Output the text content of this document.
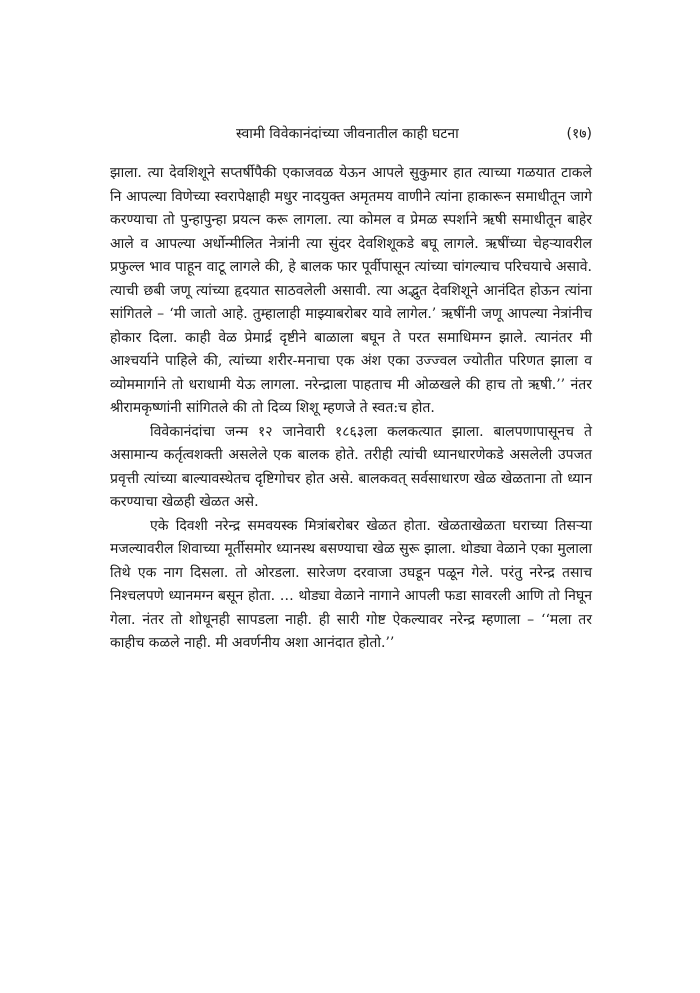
स्वामी विवेकानंदांच्या जीवनातील काही घटना	(१७)

झाला. त्या देवशिशूने सप्तर्षीपैकी एकाजवळ येऊन आपले सुकुमार हात त्याच्या गळयात टाकले नि आपल्या विणेच्या स्वरापेक्षाही मधुर नादयुक्त अमृतमय वाणीने त्यांना हाकारून समाधीतून जागे करण्याचा तो पुन्हापुन्हा प्रयत्न करू लागला. त्या कोमल व प्रेमळ स्पर्शाने ऋषी समाधीतून बाहेर आले व आपल्या अर्धोन्मीलित नेत्रांनी त्या सुंदर देवशिशूकडे बघू लागले. ऋषींच्या चेहऱ्यावरील प्रफुल्ल भाव पाहून वाटू लागले की, हे बालक फार पूर्वीपासून त्यांच्या चांगल्याच परिचयाचे असावे. त्याची छबी जणू त्यांच्या हृदयात साठवलेली असावी. त्या अद्भुत देवशिशूने आनंदित होऊन त्यांना सांगितले – ‘मी जातो आहे. तुम्हालाही माझ्याबरोबर यावे लागेल.’ ऋषींनी जणू आपल्या नेत्रांनीच होकार दिला. काही वेळ प्रेमार्द्र दृष्टीने बाळाला बघून ते परत समाधिमग्न झाले. त्यानंतर मी आश्चर्याने पाहिले की, त्यांच्या शरीर-मनाचा एक अंश एका उज्ज्वल ज्योतीत परिणत झाला व व्योममार्गाने तो धराधामी येऊ लागला. नरेन्द्राला पाहताच मी ओळखले की हाच तो ऋषी.’’ नंतर श्रीरामकृष्णांनी सांगितले की तो दिव्य शिशू म्हणजे ते स्वत:च होत.

विवेकानंदांचा जन्म १२ जानेवारी १८६३ला कलकत्यात झाला. बालपणापासूनच ते असामान्य कर्तृत्वशक्ती असलेले एक बालक होते. तरीही त्यांची ध्यानधारणेकडे असलेली उपजत प्रवृत्ती त्यांच्या बाल्यावस्थेतच दृष्टिगोचर होत असे. बालकवत् सर्वसाधारण खेळ खेळताना तो ध्यान करण्याचा खेळही खेळत असे.

एके दिवशी नरेन्द्र समवयस्क मित्रांबरोबर खेळत होता. खेळताखेळता घराच्या तिसऱ्या मजल्यावरील शिवाच्या मूर्तीसमोर ध्यानस्थ बसण्याचा खेळ सुरू झाला. थोड्या वेळाने एका मुलाला तिथे एक नाग दिसला. तो ओरडला. सारेजण दरवाजा उघडून पळून गेले. परंतु नरेन्द्र तसाच निश्चलपणे ध्यानमग्न बसून होता. … थोड्या वेळाने नागाने आपली फडा सावरली आणि तो निघून गेला. नंतर तो शोधूनही सापडला नाही. ही सारी गोष्ट ऐकल्यावर नरेन्द्र म्हणाला – ‘‘मला तर काहीच कळले नाही. मी अवर्णनीय अशा आनंदात होतो.’’
